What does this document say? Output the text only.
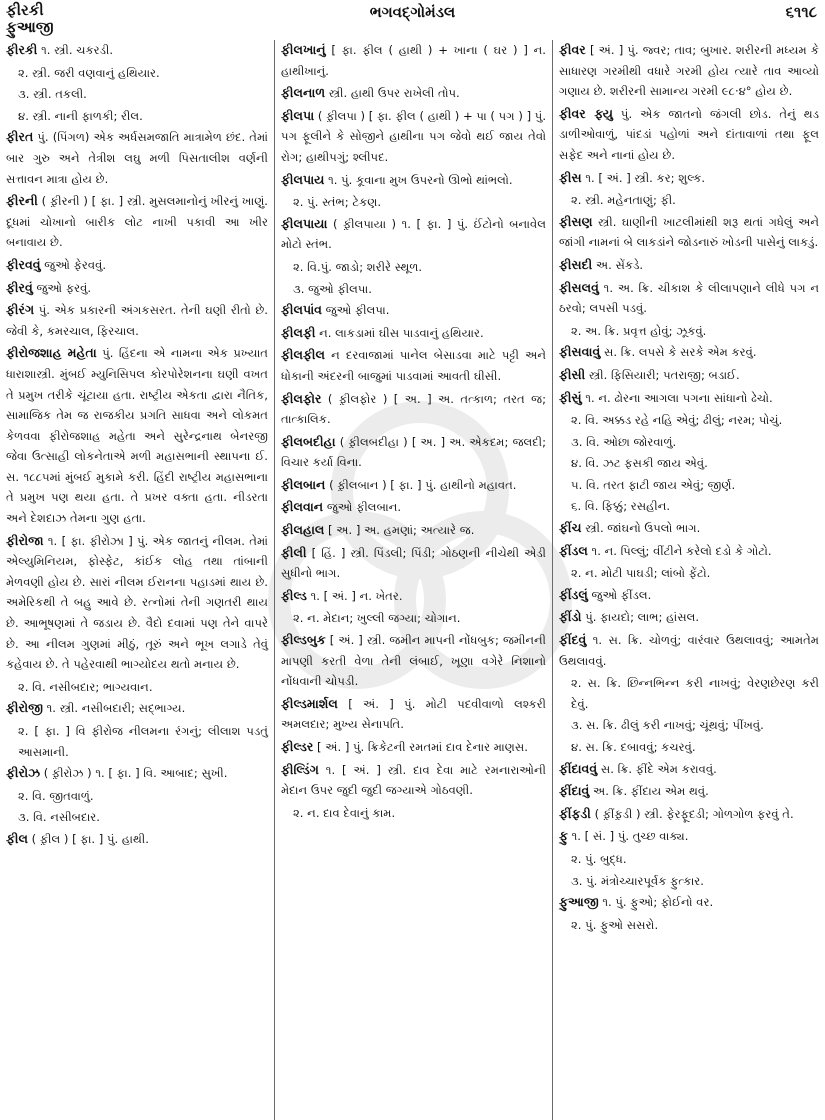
ફીરકી
ફુઆજી
ભગવદ્ગોમંડલ	૬૧૧૮
ફીરકી ૧. સ્ત્રી. ચકરડી.
૨. સ્ત્રી. જરી વણવાનું હથિયાર.
૩. સ્ત્રી. તકલી.
૪. સ્ત્રી. નાની ફાળકી; રીલ.
ફીરત પું. (પિંગળ) એક અર્ધસમજાતિ માત્રામેળ છંદ. તેમાં બાર ગુરુ અને તેત્રીશ લઘુ મળી પિસતાલીશ વર્ણની સત્તાવન માત્રા હોય છે.
ફીરની ( ફ઼ીરની ) [ ફા. ] સ્ત્રી. મુસલમાનોનું ખીરનું ખાણું. દૂધમાં ચોખાનો બારીક લોટ નાખી પકાવી આ ખીર બનાવાય છે.
ફીરવવું જુઓ ફેરવવું.
ફીરવું જુઓ ફરવું.
ફીરંગ પું. એક પ્રકારની અંગકસરત. તેની ઘણી રીતો છે. જેવી કે, કમરચાલ, ફિરચાલ.
ફીરોજશાહ મહેતા પું. હિંદના એ નામના એક પ્રખ્યાત ધારાશાસ્ત્રી. મુંબઈ મ્યુનિસિપલ કોરપોરેશનના ઘણી વખત તે પ્રમુખ તરીકે ચૂંટાયા હતા. રાષ્ટ્રીય એકતા દ્વારા નૈતિક, સામાજિક તેમ જ રાજકીય પ્રગતિ સાધવા અને લોકમત કેળવવા ફીરોજશાહ મહેતા અને સુરેન્દ્રનાથ બેનરજી જેવા ઉત્સાહી લોકનેતાએ મળી મહાસભાની સ્થાપના ઈ. સ. ૧૮૮૫માં મુંબઈ મુકામે કરી. હિંદી રાષ્ટ્રીય મહાસભાના તે પ્રમુખ પણ થયા હતા. તે પ્રખર વક્તા હતા. નીડરતા અને દેશદાઝ તેમના ગુણ હતા.
ફીરોજા ૧. [ ફા. ફીરોઝા ] પું. એક જાતનું નીલમ. તેમાં એલ્યુમિનિયમ, ફોસ્ફેટ, કાંઈક લોહ તથા તાંબાની મેળવણી હોય છે. સારાં નીલમ ઈરાનના પહાડમાં થાય છે. અમેરિકથી તે બહુ આવે છે. રત્નોમાં તેની ગણતરી થાય છે. આભૂષણમાં તે જડાય છે. વૈદો દવામાં પણ તેને વાપરે છે. આ નીલમ ગુણમાં મીઠું, તૂરું અને ભૂખ લગાડે તેવું કહેવાય છે. તે પહેરવાથી ભાગ્યોદય થતો મનાય છે.
૨. વિ. નસીબદાર; ભાગ્યવાન.
ફીરોજી ૧. સ્ત્રી. નસીબદારી; સદ્ભાગ્ય.
૨. [ ફા. ] વિ ફીરોજ નીલમના રંગનું; લીલાશ પડતું આસમાની.
ફીરોઝ ( ફ઼ીરોઝ ) ૧. [ ફા. ] વિ. આબાદ; સુખી.
૨. વિ. જીતવાળું.
૩. વિ. નસીબદાર.
ફીલ ( ફ઼ીલ ) [ ફા. ] પું. હાથી.
ફીલખાનું [ ફા. ફીલ ( હાથી ) + ખાના ( ઘર ) ] ન. હાથીખાનું.
ફીલનાળ સ્ત્રી. હાથી ઉપર રાખેલી તોપ.
ફીલપા ( ફ઼ીલપા ) [ ફા. ફીલ ( હાથી ) + પા ( પગ ) ] પું. પગ ફૂલીને કે સોજીને હાથીના પગ જેવો થઈ જાય તેવો રોગ; હાથીપગું; શ્લીપદ.
ફીલપાય ૧. પું. કૂવાના મુખ ઉપરનો ઊભો થાંભલો.
૨. પું. સ્તંભ; ટેકણ.
ફીલપાયા ( ફ઼ીલપાયા ) ૧. [ ફા. ] પું. ઈંટોનો બનાવેલ મોટો સ્તંભ.
૨. વિ.પું. જાડો; શરીરે સ્થૂળ.
૩. જુઓ ફીલપા.
ફીલપાંવ જુઓ ફીલપા.
ફીલફી ન. લાકડામાં ઘીસ પાડવાનું હથિયાર.
ફીલફીલ ન દરવાજામાં પાનેલ બેસાડવા માટે પટ્ટી અને ધોકાની અંદરની બાજુમાં પાડવામાં આવતી ઘીસી.
ફીલફોર ( ફ઼ીલફોર ) [ અ. ] અ. તત્કાળ; તરત જ; તાત્કાલિક.
ફીલબદીહા ( ફ઼ીલબદીહા ) [ અ. ] અ. એકદમ; જલદી; વિચાર કર્યા વિના.
ફીલબાન ( ફ઼ીલબાન ) [ ફા. ] પું. હાથીનો મહાવત.
ફીલવાન જુઓ ફીલબાન.
ફીલહાલ [ અ. ] અ. હમણાં; અત્યારે જ.
ફીલી [ હિં. ] સ્ત્રી. પિંડલી; પિંડી; ગોઠણની નીચેથી એડી સુધીનો ભાગ.
ફીલ્ડ ૧. [ અં. ] ન. ખેતર.
૨. ન. મેદાન; ખુલ્લી જગ્યા; ચોગાન.
ફીલ્ડબુક [ અં. ] સ્ત્રી. જમીન માપની નોંધબુક; જમીનની માપણી કરતી વેળા તેની લંબાઈ, ખૂણા વગેરે નિશાનો નોંધવાની ચોપડી.
ફીલ્ડમાર્શલ [ અં. ] પું. મોટી પદવીવાળો લશ્કરી અમલદાર; મુખ્ય સેનાપતિ.
ફીલ્ડર [ અં. ] પું. ક્રિકેટની રમતમાં દાવ દેનાર માણસ.
ફીલ્ડિંગ ૧. [ અં. ] સ્ત્રી. દાવ દેવા માટે રમનારાઓની મેદાન ઉપર જુદી જુદી જગ્યાએ ગોઠવણી.
૨. ન. દાવ દેવાનું કામ.
ફીવર [ અં. ] પું. જ્વર; તાવ; બુખાર. શરીરની મધ્યમ કે સાધારણ ગરમીથી વધારે ગરમી હોય ત્યારે તાવ આવ્યો ગણાય છે. શરીરની સામાન્ય ગરમી ૯૮·૪° હોય છે.
ફીવર ફ્યુ પું. એક જાતનો જંગલી છોડ. તેનું થડ ડાળીઓવાળું, પાંદડાં પહોળાં અને દાંતાવાળાં તથા ફૂલ સફેદ અને નાનાં હોય છે.
ફીસ ૧. [ અં. ] સ્ત્રી. કર; શુલ્ક.
૨. સ્ત્રી. મહેનતાણું; ફી.
ફીસણ સ્ત્રી. ઘાણીની ખાટલીમાંથી શરૂ થતાં ગધેલું અને જાંગી નામનાં બે લાકડાંને જોડનારું ખોડની પાસેનું લાકડું.
ફીસદી અ. સેંકડે.
ફીસલવું ૧. અ. ક્રિ. ચીકાશ કે લીલાપણાને લીધે પગ ન ઠરવો; લપસી પડવું.
૨. અ. ક્રિ. પ્રવૃત્ત હોવું; ઝૂકવું.
ફીસવાવું સ. ક્રિ. લપસે કે સરકે એમ કરવું.
ફીસી સ્ત્રી. ફિસિયારી; પતરાજી; બડાઈ.
ફીસું ૧. ન. ઢોરના આગલા પગના સાંધાનો ઢેચો.
૨. વિ. અક્કડ રહે નહિ એવું; ઢીલું; નરમ; પોચું.
૩. વિ. ઓછા જોરવાળું.
૪. વિ. ઝટ ફસકી જાય એવું.
૫. વિ. તરત ફાટી જાય એવું; જીર્ણ.
૬. વિ. ફિક્કું; રસહીન.
ફીંચ સ્ત્રી. જાંઘનો ઉપલો ભાગ.
ફીંડલ ૧. ન. પિલ્લું; વીંટીને કરેલો દડો કે ગોટો.
૨. ન. મોટી પાઘડી; લાંબો ફેંટો.
ફીંડલું જુઓ ફીંડલ.
ફીંડો પું. ફાયદો; લાભ; હાંસલ.
ફીંદવું ૧. સ. ક્રિ. ચોળવું; વારંવાર ઉથલાવવું; આમતેમ ઉથલાવવું.
૨. સ. ક્રિ. છિન્નભિન્ન કરી નાખવું; વેરણછેરણ કરી દેવું.
૩. સ. ક્રિ. ઢીલું કરી નાખવું; ચૂંથવું; પીંખવું.
૪. સ. ક્રિ. દબાવવું; કચરવું.
ફીંદાવવું સ. ક્રિ. ફીંદે એમ કરાવવું.
ફીંદાવું અ. ક્રિ. ફીંદાય એમ થવું.
ફીંફડી ( ફ઼ીંફ઼ડી ) સ્ત્રી. ફેરફૂદડી; ગોળગોળ ફરવું તે.
ફુ ૧. [ સં. ] પું. તુચ્છ વાક્ય.
૨. પું. બુદ્ધ.
૩. પું. મંત્રોચ્ચારપૂર્વક ફુત્કાર.
ફુઆજી ૧. પું. ફુઓ; ફોઈનો વર.
૨. પું. ફુઓ સસરો.
